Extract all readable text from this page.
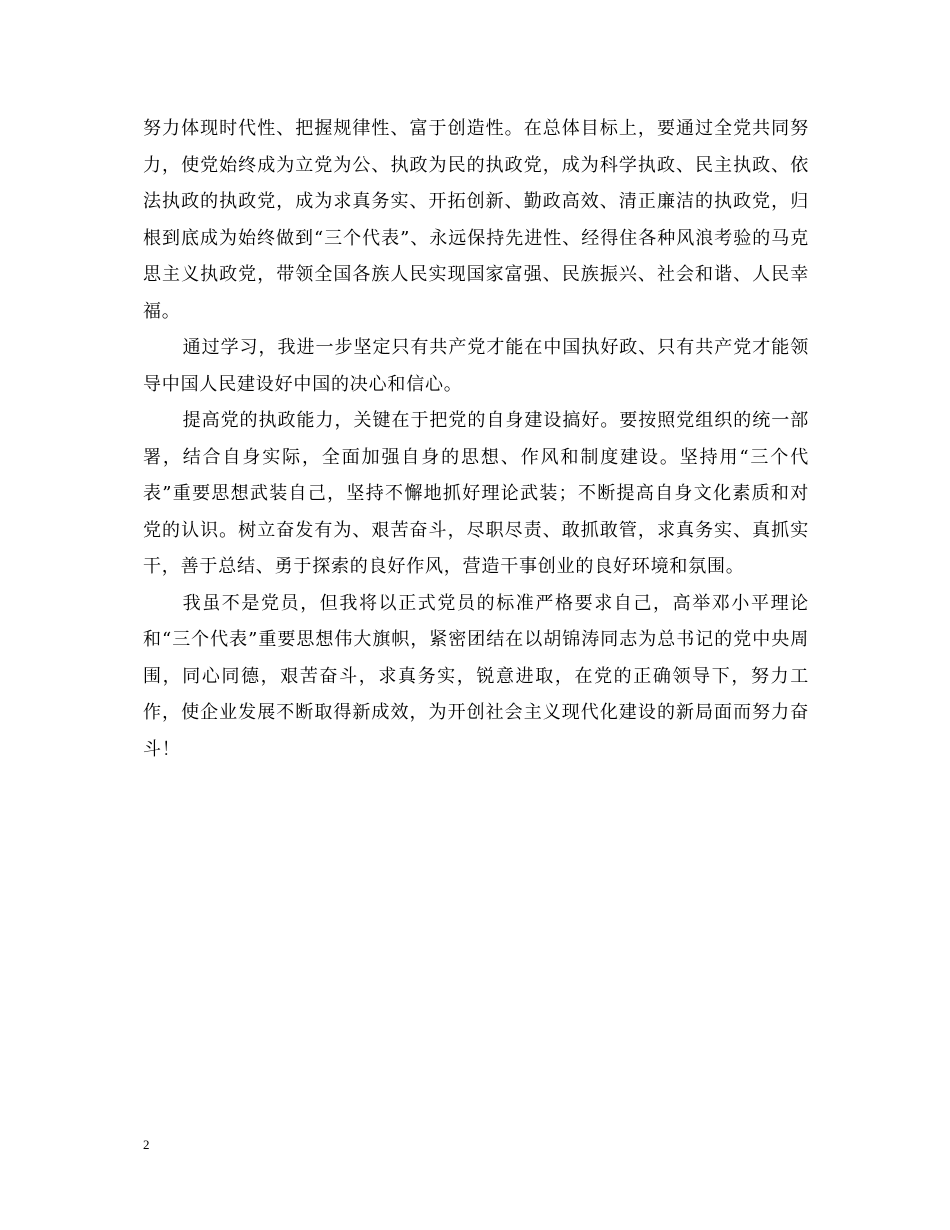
努力体现时代性、把握规律性、富于创造性。在总体目标上，要通过全党共同努力，使党始终成为立党为公、执政为民的执政党，成为科学执政、民主执政、依法执政的执政党，成为求真务实、开拓创新、勤政高效、清正廉洁的执政党，归根到底成为始终做到“三个代表”、永远保持先进性、经得住各种风浪考验的马克思主义执政党，带领全国各族人民实现国家富强、民族振兴、社会和谐、人民幸福。

通过学习，我进一步坚定只有共产党才能在中国执好政、只有共产党才能领导中国人民建设好中国的决心和信心。

提高党的执政能力，关键在于把党的自身建设搞好。要按照党组织的统一部署，结合自身实际，全面加强自身的思想、作风和制度建设。坚持用“三个代表”重要思想武装自己，坚持不懈地抓好理论武装；不断提高自身文化素质和对党的认识。树立奋发有为、艰苦奋斗，尽职尽责、敢抓敢管，求真务实、真抓实干，善于总结、勇于探索的良好作风，营造干事创业的良好环境和氛围。

我虽不是党员，但我将以正式党员的标准严格要求自己，高举邓小平理论和“三个代表”重要思想伟大旗帜，紧密团结在以胡锦涛同志为总书记的党中央周围，同心同德，艰苦奋斗，求真务实，锐意进取，在党的正确领导下，努力工作，使企业发展不断取得新成效，为开创社会主义现代化建设的新局面而努力奋斗！

2
